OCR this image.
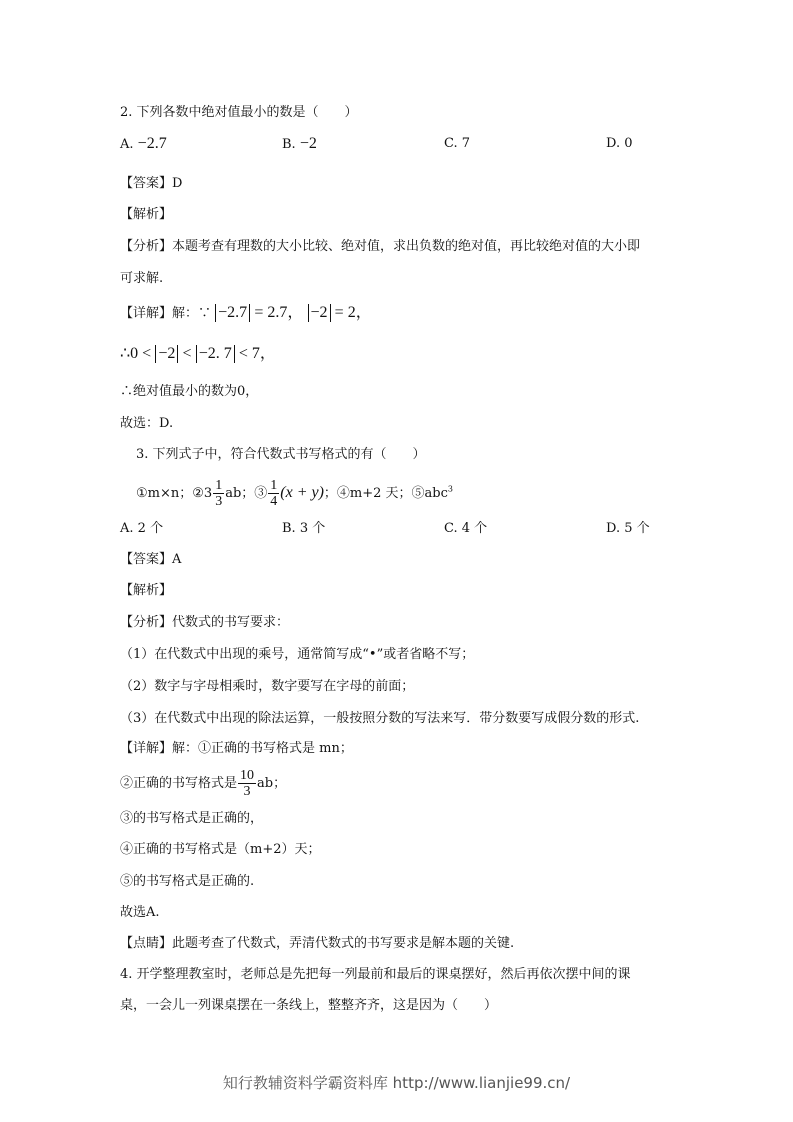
2. 下列各数中绝对值最小的数是（　　）
A. −2.7	B. −2	C. 7	D. 0
【答案】D
【解析】
【分析】本题考查有理数的大小比较、绝对值，求出负数的绝对值，再比较绝对值的大小即
可求解.
【详解】解：∵ −2.7 = 2.7， −2 = 2，
∴0 < −2 < −2. 7 < 7，
∴绝对值最小的数为0，
故选：D.
3. 下列式子中，符合代数式书写格式的有（　　）
①m×n；②3 $\frac{1}{3}$ ab；③ $\frac{1}{4} (x + y)$；④m+2 天；⑤abc$^3$
A. 2 个	B. 3 个	C. 4 个	D. 5 个
【答案】A
【解析】
【分析】代数式的书写要求：
（1）在代数式中出现的乘号，通常简写成“•”或者省略不写；
（2）数字与字母相乘时，数字要写在字母的前面；
（3）在代数式中出现的除法运算，一般按照分数的写法来写．带分数要写成假分数的形式.
【详解】解：①正确的书写格式是 mn；
②正确的书写格式是 $\frac{10}{3}$ ab；
③的书写格式是正确的，
④正确的书写格式是（m+2）天；
⑤的书写格式是正确的.
故选A.
【点睛】此题考查了代数式，弄清代数式的书写要求是解本题的关键.
4. 开学整理教室时，老师总是先把每一列最前和最后的课桌摆好，然后再依次摆中间的课
桌，一会儿一列课桌摆在一条线上，整整齐齐，这是因为（　　）
知行教辅资料学霸资料库 http://www.lianjie99.cn/
